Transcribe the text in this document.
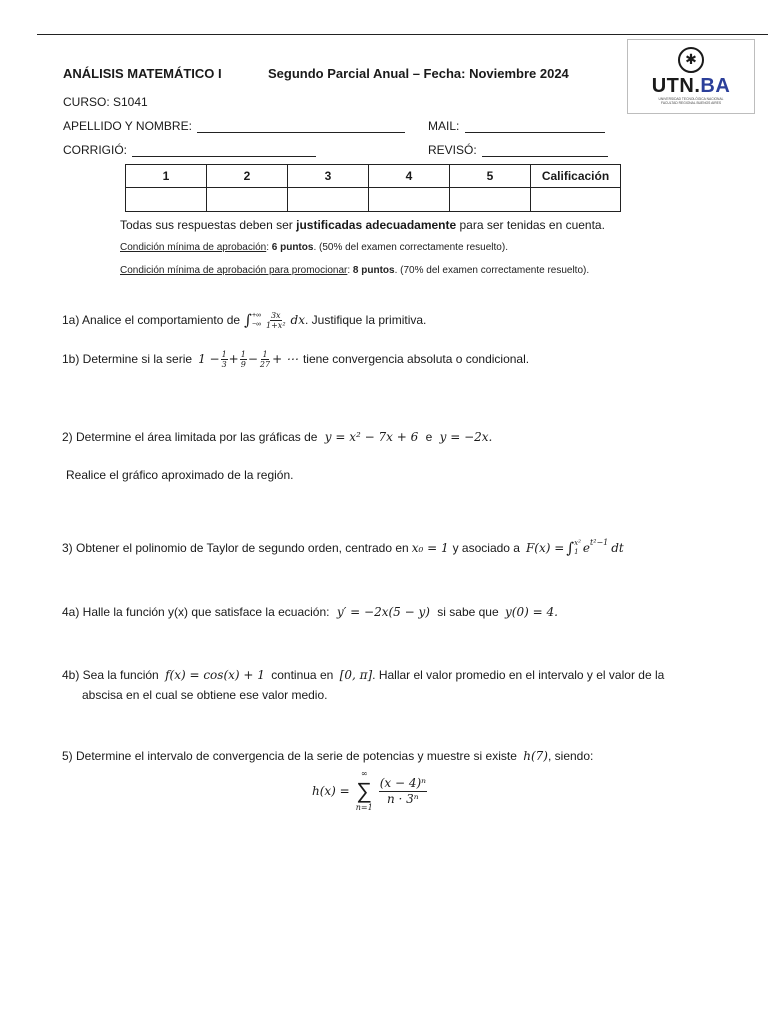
ANÁLISIS MATEMÁTICO I	Segundo Parcial Anual – Fecha: Noviembre 2024
CURSO: S1041
APELLIDO Y NOMBRE:	MAIL:
CORRIGIÓ:	REVISÓ:
✱
UTN.BA
UNIVERSIDAD TECNOLÓGICA NACIONAL FACULTAD REGIONAL BUENOS AIRES
1	2	3	4	5	Calificación

Todas sus respuestas deben ser justificadas adecuadamente para ser tenidas en cuenta.
Condición mínima de aprobación: 6 puntos. (50% del examen correctamente resuelto).
Condición mínima de aprobación para promocionar: 8 puntos. (70% del examen correctamente resuelto).
1a) Analice el comportamiento de ∫ +∞
−∞ $\frac{3x}{\text{1+x²}}$ dx . Justifique la primitiva.
1b) Determine si la serie $1 - \frac{1}{3} + \frac{1}{9} - \frac{1}{27}$ + ⋯ tiene convergencia absoluta o condicional.
2) Determine el área limitada por las gráficas de y = x² − 7x + 6 e y = −2x.
Realice el gráfico aproximado de la región.
3) Obtener el polinomio de Taylor de segundo orden, centrado en x₀ = 1 y asociado a F(x) = ∫ x²
1 e t²−1 dt
4a) Halle la función y(x) que satisface la ecuación: y′ = −2x(5 − y) si sabe que y(0) = 4.
4b) Sea la función f(x) = cos(x) + 1 continua en [0, π]. Hallar el valor promedio en el intervalo y el valor de la
abscisa en el cual se obtiene ese valor medio.
5) Determine el intervalo de convergencia de la serie de potencias y muestre si existe h(7), siendo:
h(x) =
∞
∑
n=1
$\frac{\text{(x − 4)ⁿ}}{\text{n · 3ⁿ}}$
